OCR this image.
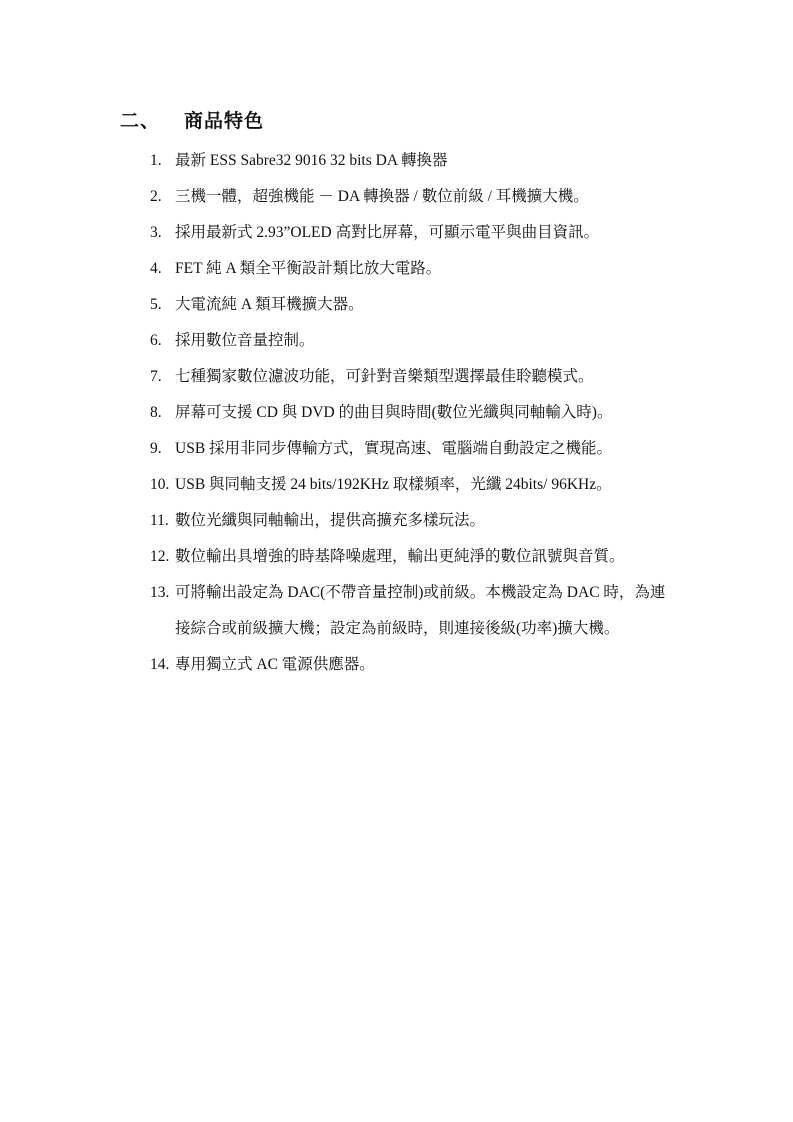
二、 商品特色
1. 最新 ESS Sabre32 9016 32 bits DA 轉換器
2. 三機一體，超強機能 － DA 轉換器 / 數位前級 / 耳機擴大機。
3. 採用最新式 2.93”OLED 高對比屏幕，可顯示電平與曲目資訊。
4. FET 純 A 類全平衡設計類比放大電路。
5. 大電流純 A 類耳機擴大器。
6. 採用數位音量控制。
7. 七種獨家數位濾波功能，可針對音樂類型選擇最佳聆聽模式。
8. 屏幕可支援 CD 與 DVD 的曲目與時間(數位光纖與同軸輸入時)。
9. USB 採用非同步傳輸方式，實現高速、電腦端自動設定之機能。
10. USB 與同軸支援 24 bits/192KHz 取樣頻率，光纖 24bits/ 96KHz。
11. 數位光纖與同軸輸出，提供高擴充多樣玩法。
12. 數位輸出具增強的時基降噪處理，輸出更純淨的數位訊號與音質。
13. 可將輸出設定為 DAC(不帶音量控制)或前級。本機設定為 DAC 時，為連
接綜合或前級擴大機；設定為前級時，則連接後級(功率)擴大機。
14. 專用獨立式 AC 電源供應器。
